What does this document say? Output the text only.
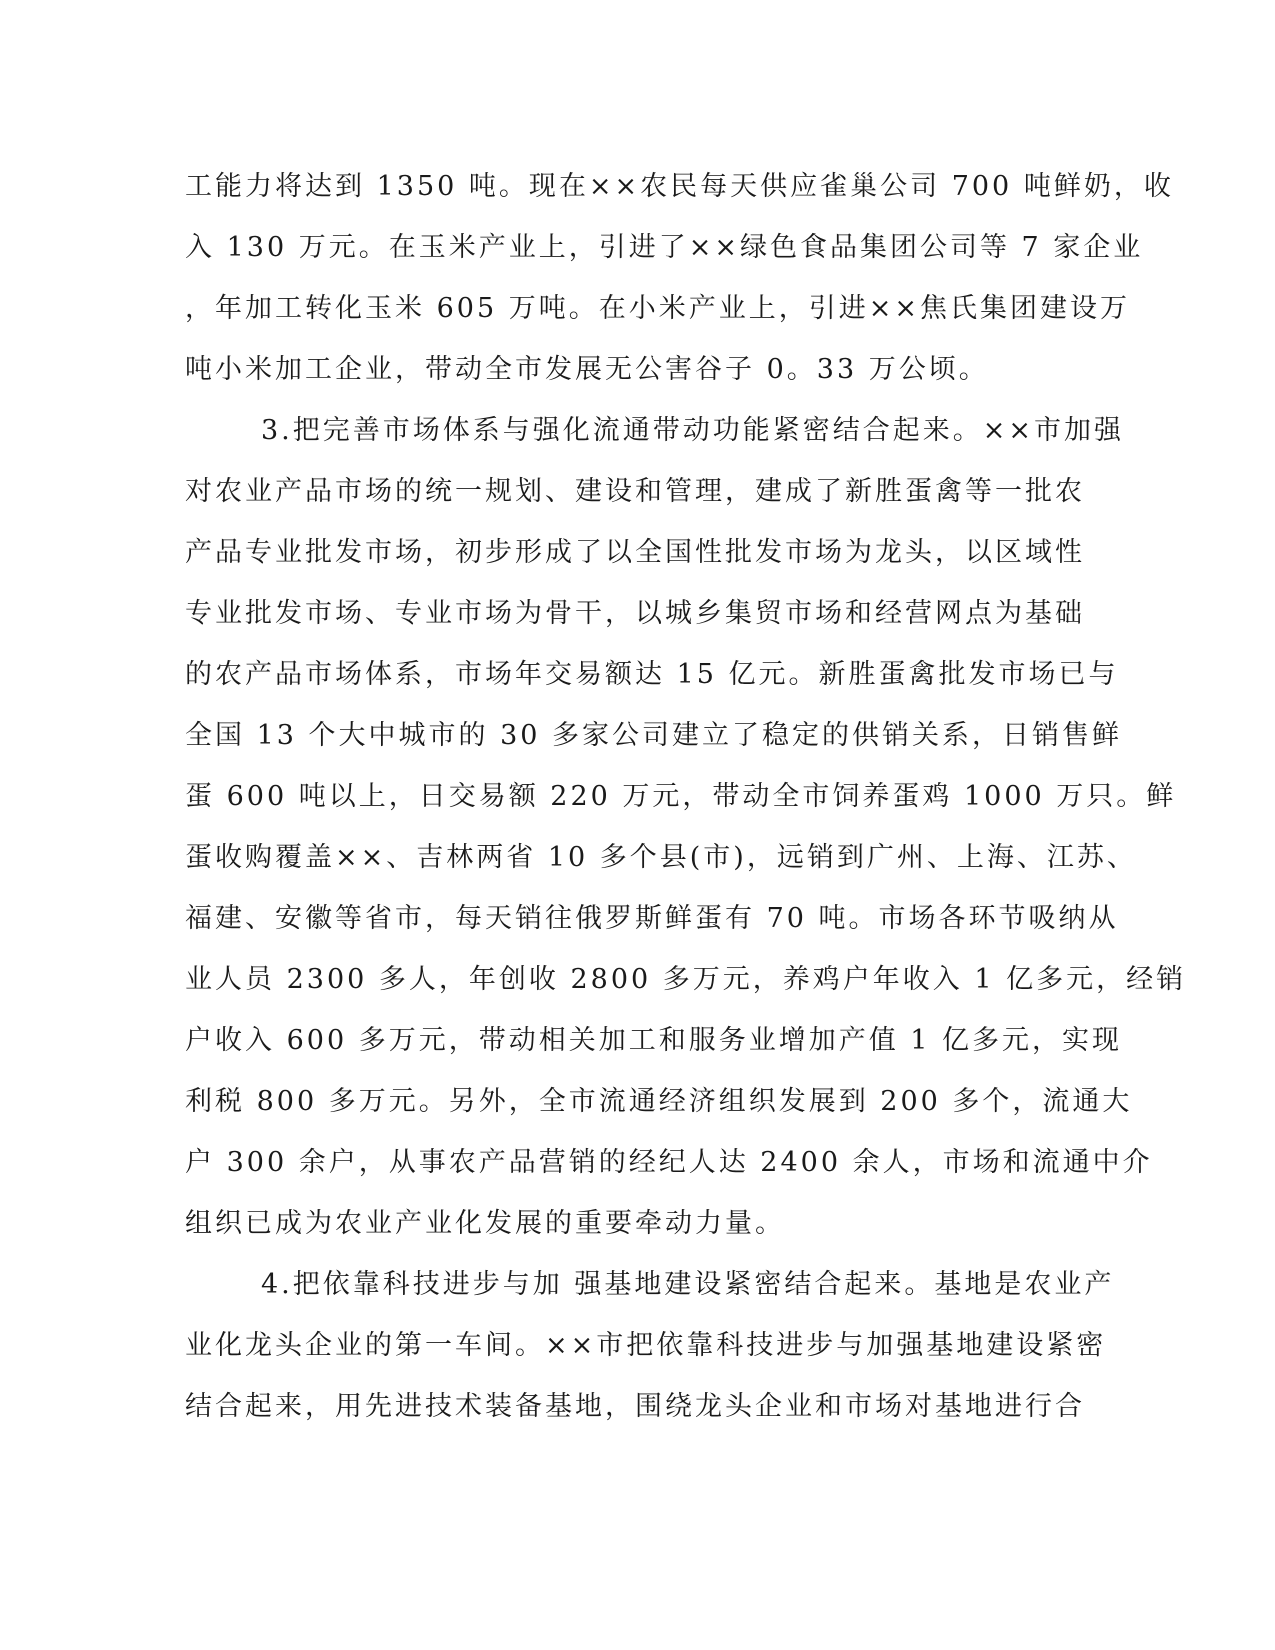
工能力将达到 1350 吨。现在××农民每天供应雀巢公司 700 吨鲜奶，收
入 130 万元。在玉米产业上，引进了××绿色食品集团公司等 7 家企业
，年加工转化玉米 605 万吨。在小米产业上，引进××焦氏集团建设万
吨小米加工企业，带动全市发展无公害谷子 0。33 万公顷。
3.把完善市场体系与强化流通带动功能紧密结合起来。××市加强
对农业产品市场的统一规划、建设和管理，建成了新胜蛋禽等一批农
产品专业批发市场，初步形成了以全国性批发市场为龙头，以区域性
专业批发市场、专业市场为骨干，以城乡集贸市场和经营网点为基础
的农产品市场体系，市场年交易额达 15 亿元。新胜蛋禽批发市场已与
全国 13 个大中城市的 30 多家公司建立了稳定的供销关系，日销售鲜
蛋 600 吨以上，日交易额 220 万元，带动全市饲养蛋鸡 1000 万只。鲜
蛋收购覆盖××、吉林两省 10 多个县(市)，远销到广州、上海、江苏、
福建、安徽等省市，每天销往俄罗斯鲜蛋有 70 吨。市场各环节吸纳从
业人员 2300 多人，年创收 2800 多万元，养鸡户年收入 1 亿多元，经销
户收入 600 多万元，带动相关加工和服务业增加产值 1 亿多元，实现
利税 800 多万元。另外，全市流通经济组织发展到 200 多个，流通大
户 300 余户，从事农产品营销的经纪人达 2400 余人，市场和流通中介
组织已成为农业产业化发展的重要牵动力量。
4.把依靠科技进步与加 强基地建设紧密结合起来。基地是农业产
业化龙头企业的第一车间。××市把依靠科技进步与加强基地建设紧密
结合起来，用先进技术装备基地，围绕龙头企业和市场对基地进行合
